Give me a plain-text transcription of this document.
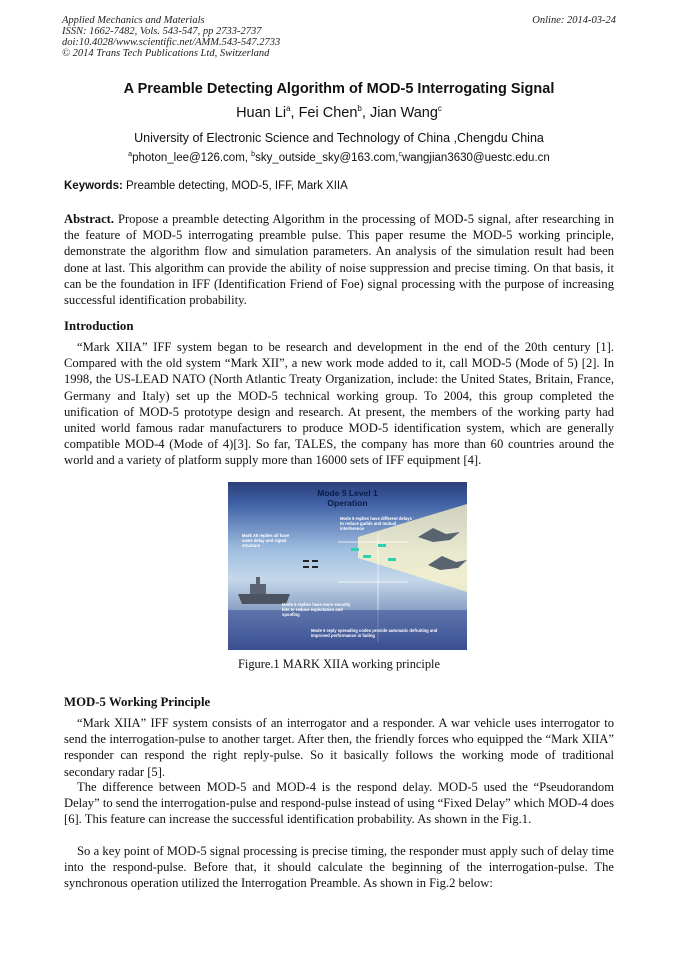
Applied Mechanics and Materials
ISSN: 1662-7482, Vols. 543-547, pp 2733-2737
doi:10.4028/www.scientific.net/AMM.543-547.2733
© 2014 Trans Tech Publications Ltd, Switzerland
Online: 2014-03-24
A Preamble Detecting Algorithm of MOD-5 Interrogating Signal
Huan Li$^a$, Fei Chen$^b$, Jian Wang$^c$
University of Electronic Science and Technology of China ,Chengdu China
$^a$photon_lee@126.com, $^b$sky_outside_sky@163.com,$^c$wangjian3630@uestc.edu.cn
Keywords: Preamble detecting, MOD-5, IFF, Mark XIIA
Abstract. Propose a preamble detecting Algorithm in the processing of MOD-5 signal, after researching in the feature of MOD-5 interrogating preamble pulse. This paper resume the MOD-5 working principle, demonstrate the algorithm flow and simulation parameters. An analysis of the simulation result had been done at last. This algorithm can provide the ability of noise suppression and precise timing. On that basis, it can be the foundation in IFF (Identification Friend of Foe) signal processing with the purpose of increasing successful identification probability.
Introduction
“Mark XIIA” IFF system began to be research and development in the end of the 20th century [1]. Compared with the old system “Mark XII”, a new work mode added to it, call MOD-5 (Mode of 5) [2]. In 1998, the US-LEAD NATO (North Atlantic Treaty Organization, include: the United States, Britain, France, Germany and Italy) set up the MOD-5 technical working group. To 2004, this group completed the unification of MOD-5 prototype design and research. At present, the members of the working party had united world famous radar manufacturers to produce MOD-5 identification system, which are generally compatible MOD-4 (Mode of 4)[3]. So far, TALES, the company has more than 60 countries around the world and a variety of platform supply more than 16000 sets of IFF equipment [4].
Mode 5 Level 1
Operation
Mode 5 replies have different delays to reduce garble and mutual interference
Mark XII replies all have same delay and signal structure
Mode 5 replies have more security bits to reduce exploitation and spoofing
Mode 5 reply spreading codes provide automatic defruiting and improved performance in fading
Figure.1 MARK XIIA working principle
MOD-5 Working Principle
“Mark XIIA” IFF system consists of an interrogator and a responder. A war vehicle uses interrogator to send the interrogation-pulse to another target. After then, the friendly forces who equipped the “Mark XIIA” responder can respond the right reply-pulse. So it basically follows the working mode of traditional secondary radar [5].
The difference between MOD-5 and MOD-4 is the respond delay. MOD-5 used the “Pseudorandom Delay” to send the interrogation-pulse and respond-pulse instead of using “Fixed Delay” which MOD-4 does [6]. This feature can increase the successful identification probability. As shown in the Fig.1.
So a key point of MOD-5 signal processing is precise timing, the responder must apply such of delay time into the respond-pulse. Before that, it should calculate the beginning of the interrogation-pulse. The synchronous operation utilized the Interrogation Preamble. As shown in Fig.2 below:
